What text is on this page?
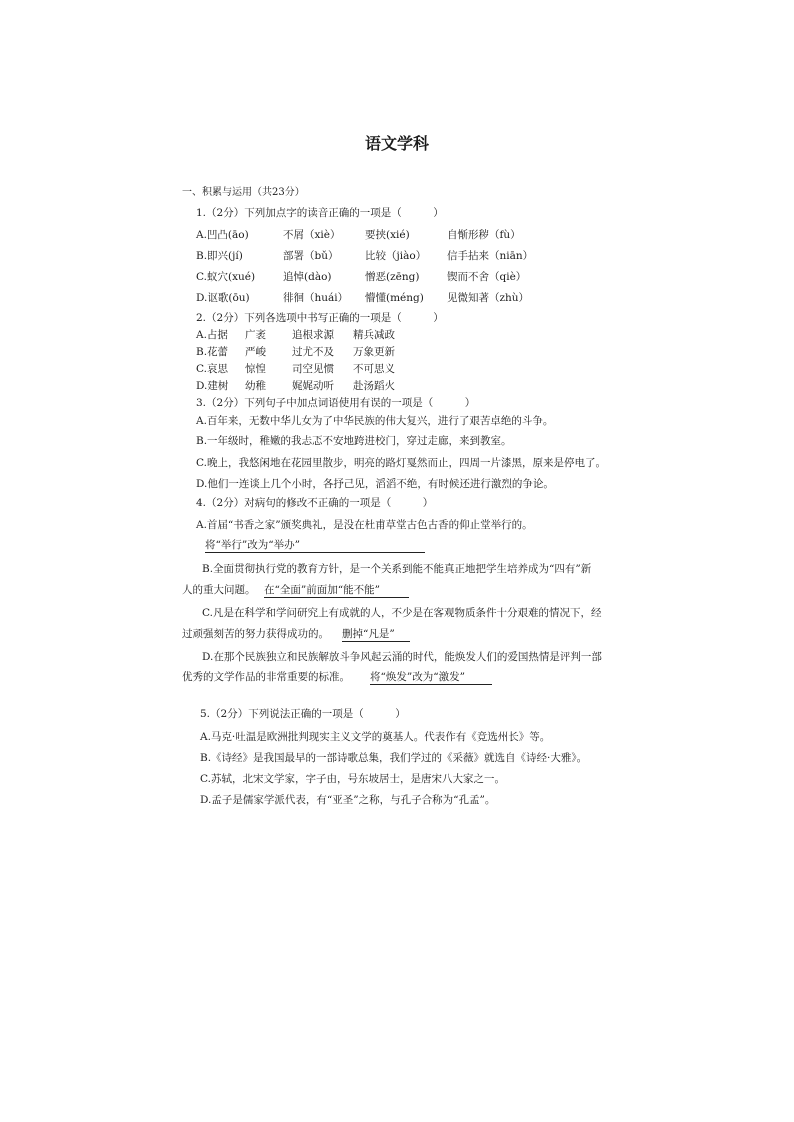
语文学科
一、积累与运用（共23分）
1.（2分）下列加点字的读音正确的一项是（　　　）
A.凹凸(āo)	不屑（xiè） 要挟(xié)	自惭形秽（fù）
B.即兴(jí)	部署（bǔ）	比较（jiào） 信手拈来（niān）
C.蚁穴(xué)	追悼(dào)	憎恶(zēng)	锲而不舍（qiè）
D.讴歌(ōu)	徘徊（huái） 懵懂(méng) 见微知著（zhù）
2.（2分）下列各选项中书写正确的一项是（　　　）
A.占据 广袤 追根求源 精兵减政
B.花蕾 严峻 过尤不及 万象更新
C.哀思 惊惶 司空见惯 不可思义
D.建树 幼稚 娓娓动听 赴汤蹈火
3.（2分）下列句子中加点词语使用有误的一项是（　　　）
A.百年来，无数中华儿女为了中华民族的伟大复兴，进行了艰苦卓绝的斗争。
B.一年级时，稚嫩的我忐忑不安地跨进校门，穿过走廊，来到教室。
C.晚上，我悠闲地在花园里散步，明亮的路灯戛然而止，四周一片漆黑，原来是停电了。
D.他们一连谈上几个小时，各抒己见，滔滔不绝，有时候还进行激烈的争论。
4.（2分）对病句的修改不正确的一项是（　　　）
A.首届“书香之家”颁奖典礼，是没在杜甫草堂古色古香的仰止堂举行的。
将“举行”改为“举办”
B.全面贯彻执行党的教育方针，是一个关系到能不能真正地把学生培养成为“四有”新
人的重大问题。 在“全面”前面加“能不能”
C.凡是在科学和学问研究上有成就的人，不少是在客观物质条件十分艰难的情况下，经
过顽强刻苦的努力获得成功的。 删掉“凡是”
D.在那个民族独立和民族解放斗争风起云涌的时代，能焕发人们的爱国热情是评判一部
优秀的文学作品的非常重要的标准。 将“焕发”改为“激发”
5.（2分）下列说法正确的一项是（　　　）
A.马克·吐温是欧洲批判现实主义文学的奠基人。代表作有《竞选州长》等。
B.《诗经》是我国最早的一部诗歌总集，我们学过的《采薇》就选自《诗经·大雅》。
C.苏轼，北宋文学家，字子由，号东坡居士，是唐宋八大家之一。
D.孟子是儒家学派代表，有“亚圣”之称，与孔子合称为“孔孟”。
